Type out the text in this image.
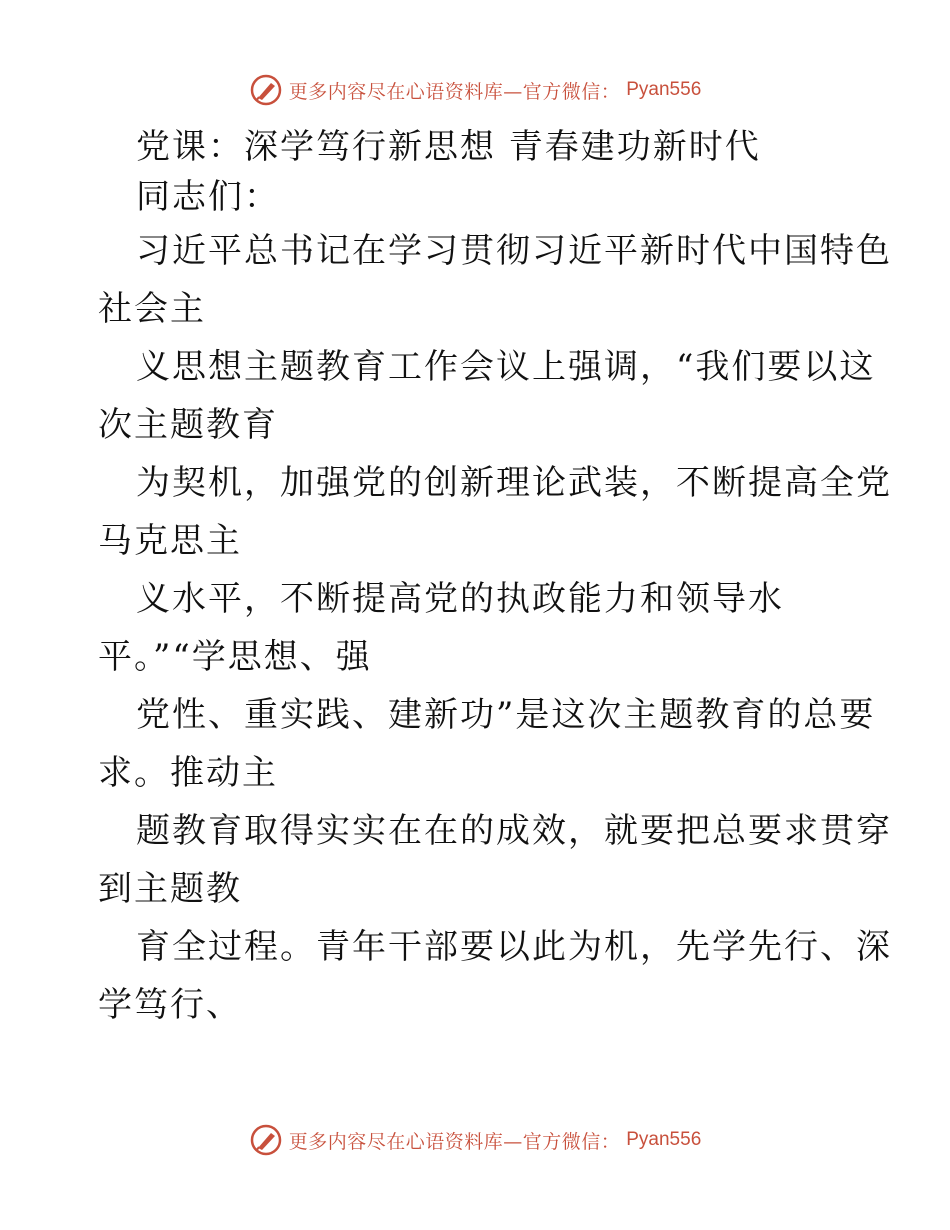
更多内容尽在心语资料库—官方微信： Pyan556
党课：深学笃行新思想 青春建功新时代
同志们：
习近平总书记在学习贯彻习近平新时代中国特色
社会主
义思想主题教育工作会议上强调，“我们要以这
次主题教育
为契机，加强党的创新理论武装，不断提高全党
马克思主
义水平，不断提高党的执政能力和领导水
平。”“学思想、强
党性、重实践、建新功”是这次主题教育的总要
求。推动主
题教育取得实实在在的成效，就要把总要求贯穿
到主题教
育全过程。青年干部要以此为机，先学先行、深
学笃行、
更多内容尽在心语资料库—官方微信： Pyan556
